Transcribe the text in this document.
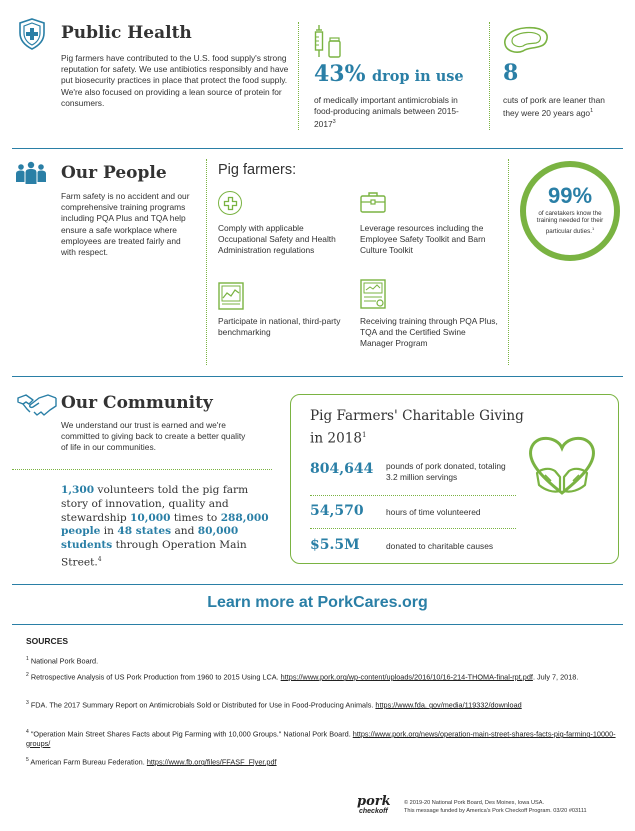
Public Health
Pig farmers have contributed to the U.S. food supply's strong reputation for safety. We use antibiotics responsibly and have put biosecurity practices in place that protect the food supply. We're also focused on providing a lean source of protein for consumers.
43% drop in use
of medically important antimicrobials in food-producing animals between 2015-2017$^3$
8
cuts of pork are leaner than they were 20 years ago$^1$
Our People
Farm safety is no accident and our comprehensive training programs including PQA Plus and TQA help ensure a safe workplace where employees are treated fairly and with respect.
Pig farmers:
Comply with applicable Occupational Safety and Health Administration regulations
Leverage resources including the Employee Safety Toolkit and Barn Culture Toolkit
Participate in national, third-party benchmarking
Receiving training through PQA Plus, TQA and the Certified Swine Manager Program
99%
of caretakers know the training needed for their particular duties.$^1$
Our Community
We understand our trust is earned and we're committed to giving back to create a better quality of life in our communities.
1,300 volunteers told the pig farm story of innovation, quality and stewardship 10,000 times to 288,000 people in 48 states and 80,000 students through Operation Main Street.$^4$
Pig Farmers' Charitable Giving
in 2018$^1$
804,644 pounds of pork donated, totaling 3.2 million servings
54,570	hours of time volunteered
$5.5M	donated to charitable causes
Learn more at PorkCares.org
SOURCES
$^1$ National Pork Board.
$^2$ Retrospective Analysis of US Pork Production from 1960 to 2015 Using LCA. https://www.pork.org/wp-content/uploads/2016/10/16-214-THOMA-final-rpt.pdf. July 7, 2018.
$^3$ FDA. The 2017 Summary Report on Antimicrobials Sold or Distributed for Use in Food-Producing Animals. https://www.fda. gov/media/119332/download
$^4$ "Operation Main Street Shares Facts about Pig Farming with 10,000 Groups." National Pork Board. https://www.pork.org/news/operation-main-street-shares-facts-pig-farming-10000-groups/
$^5$ American Farm Bureau Federation. https://www.fb.org/files/FFASF_Flyer.pdf
pork
checkoff
© 2019-20 National Pork Board, Des Moines, Iowa USA.
This message funded by America's Pork Checkoff Program. 03/20 #03111
